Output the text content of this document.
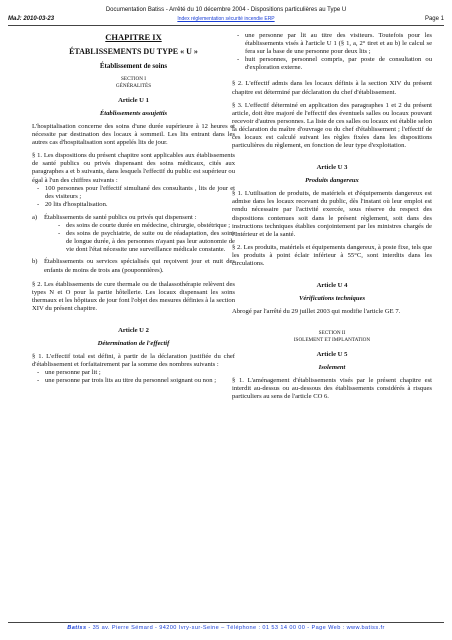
Documentation Batiss - Arrêté du 10 décembre 2004 - Dispositions particulières au Type U
MaJ: 2010-03-23	Index réglementation sécurité incendie ERP	Page 1

CHAPITRE IX

ÉTABLISSEMENTS DU TYPE « U »

Établissement de soins

SECTION I
GÉNÉRALITÉS

Article U 1

Établissements assujettis

L'hospitalisation concerne des soins d'une durée supérieure à 12 heures et nécessite par destination des locaux à sommeil. Les lits entrant dans les autres cas d'hospitalisation sont appelés lits de jour.

§ 1. Les dispositions du présent chapitre sont applicables aux établissements de santé publics ou privés dispensant des soins médicaux, cités aux paragraphes a et b suivants, dans lesquels l'effectif du public est supérieur ou égal à l'un des chiffres suivants :

- 100 personnes pour l'effectif simultané des consultants , lits de jour et des visiteurs ;
- 20 lits d'hospitalisation.
a) Établissements de santé publics ou privés qui dispensent :
- des soins de courte durée en médecine, chirurgie, obstétrique ;
- des soins de psychiatrie, de suite ou de réadaptation, des soins de longue durée, à des personnes n'ayant pas leur autonomie de vie dont l'état nécessite une surveillance médicale constante.
b) Établissements ou services spécialisés qui reçoivent jour et nuit des enfants de moins de trois ans (pouponnières).

§ 2. Les établissements de cure thermale ou de thalassothérapie relèvent des types N et O pour la partie hôtellerie. Les locaux dispensant les soins thermaux et les hôpitaux de jour font l'objet des mesures définies à la section XIV du présent chapitre.

Article U 2

Détermination de l'effectif

§ 1. L'effectif total est défini, à partir de la déclaration justifiée du chef d'établissement et forfaitairement par la somme des nombres suivants :

- une personne par lit ;
- une personne par trois lits au titre du personnel soignant ou non ;
- une personne par lit au titre des visiteurs. Toutefois pour les établissements visés à l'article U 1 (§ 1, a, 2° tiret et au b) le calcul se fera sur la base de une personne pour deux lits ;
- huit personnes, personnel compris, par poste de consultation ou d'exploration externe.

§ 2. L'effectif admis dans les locaux définis à la section XIV du présent chapitre est déterminé par déclaration du chef d'établissement.

§ 3. L'effectif déterminé en application des paragraphes 1 et 2 du présent article, doit être majoré de l'effectif des éventuels salles ou locaux pouvant recevoir d'autres personnes. La liste de ces salles ou locaux est établie selon la déclaration du maître d'ouvrage ou du chef d'établissement ; l'effectif de ces locaux est calculé suivant les règles fixées dans les dispositions particulières du règlement, en fonction de leur type d'exploitation.

Article U 3

Produits dangereux

§ 1. L'utilisation de produits, de matériels et d'équipements dangereux est admise dans les locaux recevant du public, dès l'instant où leur emploi est rendu nécessaire par l'activité exercée, sous réserve du respect des dispositions contenues soit dans le présent règlement, soit dans des instructions techniques établies conjointement par les ministres chargés de l'Intérieur et de la santé.

§ 2. Les produits, matériels et équipements dangereux, à poste fixe, tels que les produits à point éclair inférieur à 55°C, sont interdits dans les circulations.

Article U 4

Vérifications techniques

Abrogé par l'arrêté du 29 juillet 2003 qui modifie l'article GE 7.

SECTION II
ISOLEMENT ET IMPLANTATION

Article U 5

Isolement

§ 1. L'aménagement d'établissements visés par le présent chapitre est interdit au-dessus ou au-dessous des établissements considérés à risques particuliers au sens de l'article CO 6.

Batiss - 35 av. Pierre Sémard - 94200 Ivry-sur-Seine – Téléphone : 01 53 14 00 00 - Page Web : www.batiss.fr
